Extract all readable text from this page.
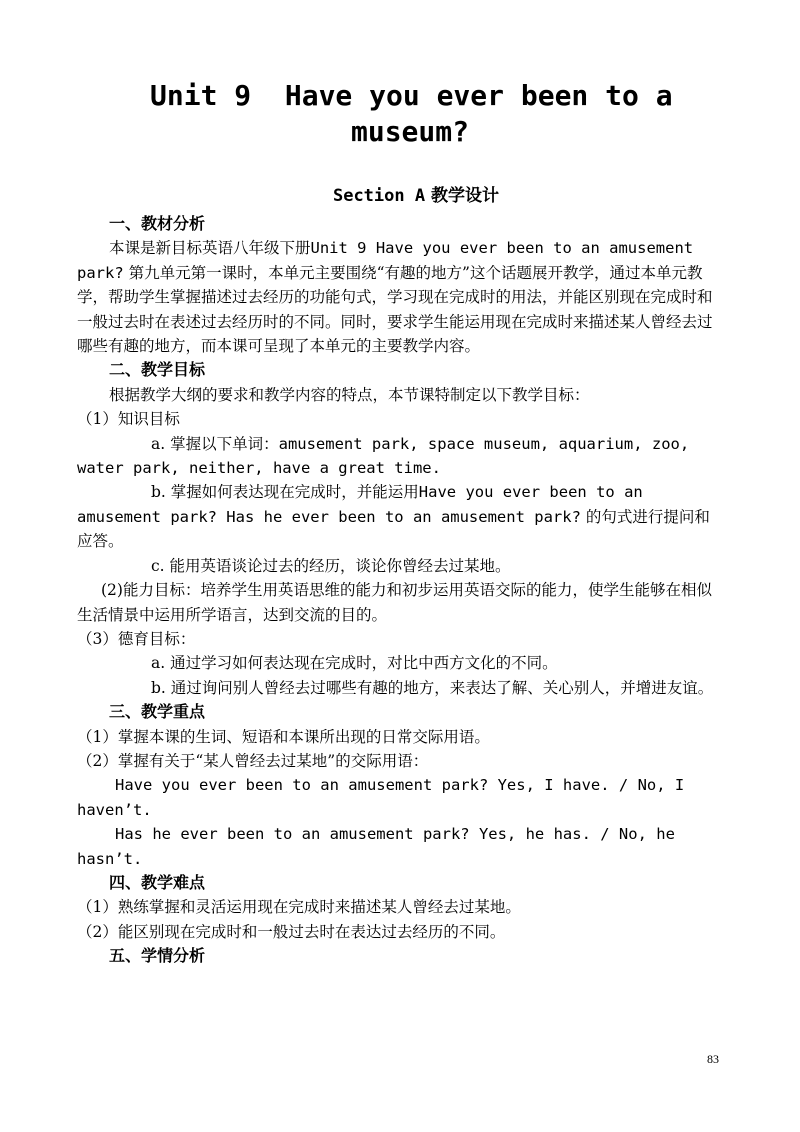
Unit 9  Have you ever been to a
museum?
Section A 教学设计

一、教材分析

本课是新目标英语八年级下册Unit 9 Have you ever been to an amusement park? 第九单元第一课时，本单元主要围绕“有趣的地方”这个话题展开教学，通过本单元教学，帮助学生掌握描述过去经历的功能句式，学习现在完成时的用法，并能区别现在完成时和一般过去时在表述过去经历时的不同。同时，要求学生能运用现在完成时来描述某人曾经去过哪些有趣的地方，而本课可呈现了本单元的主要教学内容。

二、教学目标

根据教学大纲的要求和教学内容的特点，本节课特制定以下教学目标：

（1）知识目标

a. 掌握以下单词：amusement park, space museum, aquarium, zoo, water park, neither, have a great time.

b. 掌握如何表达现在完成时，并能运用Have you ever been to an amusement park? Has he ever been to an amusement park? 的句式进行提问和应答。

c. 能用英语谈论过去的经历，谈论你曾经去过某地。

(2)能力目标：培养学生用英语思维的能力和初步运用英语交际的能力，使学生能够在相似生活情景中运用所学语言，达到交流的目的。

（3）德育目标：

a. 通过学习如何表达现在完成时，对比中西方文化的不同。

b. 通过询问别人曾经去过哪些有趣的地方，来表达了解、关心别人，并增进友谊。

三、教学重点

（1）掌握本课的生词、短语和本课所出现的日常交际用语。

（2）掌握有关于“某人曾经去过某地”的交际用语：

Have you ever been to an amusement park? Yes, I have. / No, I haven’t.

Has he ever been to an amusement park? Yes, he has. / No, he hasn’t.

四、教学难点

（1）熟练掌握和灵活运用现在完成时来描述某人曾经去过某地。

（2）能区别现在完成时和一般过去时在表达过去经历的不同。

五、学情分析

83
